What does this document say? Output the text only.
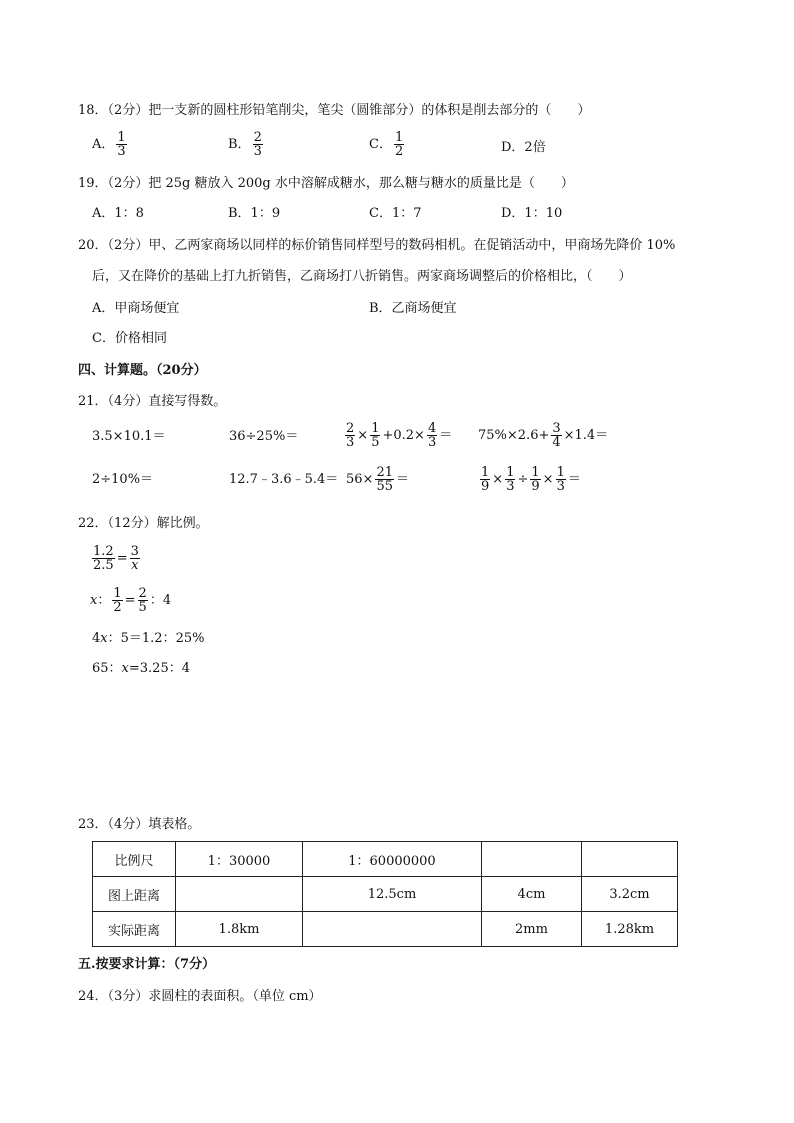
18．（2分）把一支新的圆柱形铅笔削尖，笔尖（圆锥部分）的体积是削去部分的（　　）
A． $\frac{1}{3}$	B． $\frac{2}{3}$	C． $\frac{1}{2}$	D．2倍
19．（2分）把 25g 糖放入 200g 水中溶解成糖水，那么糖与糖水的质量比是（　　）
A．1：8	B．1：9	C．1：7	D．1：10
20．（2分）甲、乙两家商场以同样的标价销售同样型号的数码相机。在促销活动中，甲商场先降价 10%
后，又在降价的基础上打九折销售，乙商场打八折销售。两家商场调整后的价格相比，（　　）
A．甲商场便宜	B．乙商场便宜
C．价格相同
四、计算题。（20分）
21．（4分）直接写得数。
3.5×10.1＝	36÷25%＝	$\frac{2}{3} \times \frac{1}{5} +0.2\times \frac{4}{3} = 75\%\times 2.6+ \frac{3}{4} \times 1.4=$
2÷10%＝	12.7﹣3.6﹣5.4＝ $56\times \frac{21}{55}$ ＝	$\frac{1}{9} \times \frac{1}{3} \div \frac{1}{9} \times \frac{1}{3}$ ＝
22．（12分）解比例。
$\frac{1.2}{2.5} = \frac{3}{x}$
x： $\frac{1}{2} = \frac{2}{5}$ ：4
4x：5＝1.2：25%
65：x=3.25：4
23．（4分）填表格。
比例尺	1：30000	1：60000000		
图上距离		12.5cm	4cm	3.2cm
实际距离	1.8km		2mm	1.28km
五.按要求计算：（7分）
24．（3分）求圆柱的表面积。（单位 cm）
